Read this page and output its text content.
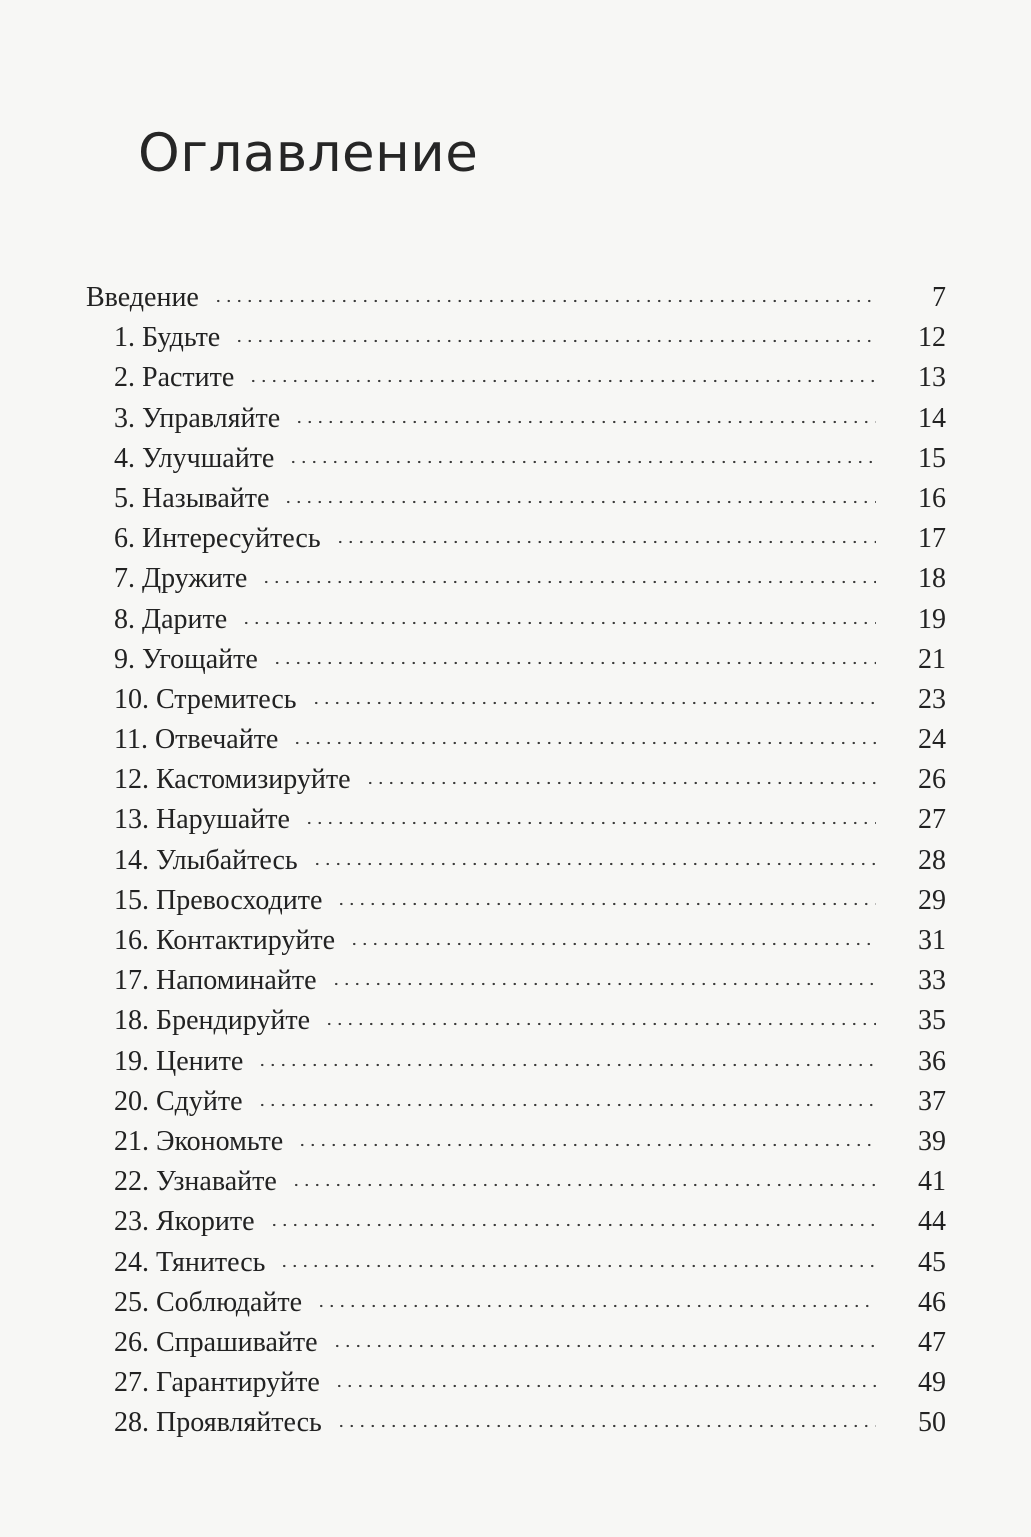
Оглавление
Введение	7
1. Будьте	12
2. Растите	13
3. Управляйте	14
4. Улучшайте	15
5. Называйте	16
6. Интересуйтесь	17
7. Дружите	18
8. Дарите	19
9. Угощайте	21
10. Стремитесь	23
11. Отвечайте	24
12. Кастомизируйте	26
13. Нарушайте	27
14. Улыбайтесь	28
15. Превосходите	29
16. Контактируйте	31
17. Напоминайте	33
18. Брендируйте	35
19. Цените	36
20. Сдуйте	37
21. Экономьте	39
22. Узнавайте	41
23. Якорите	44
24. Тянитесь	45
25. Соблюдайте	46
26. Спрашивайте	47
27. Гарантируйте	49
28. Проявляйтесь	50
